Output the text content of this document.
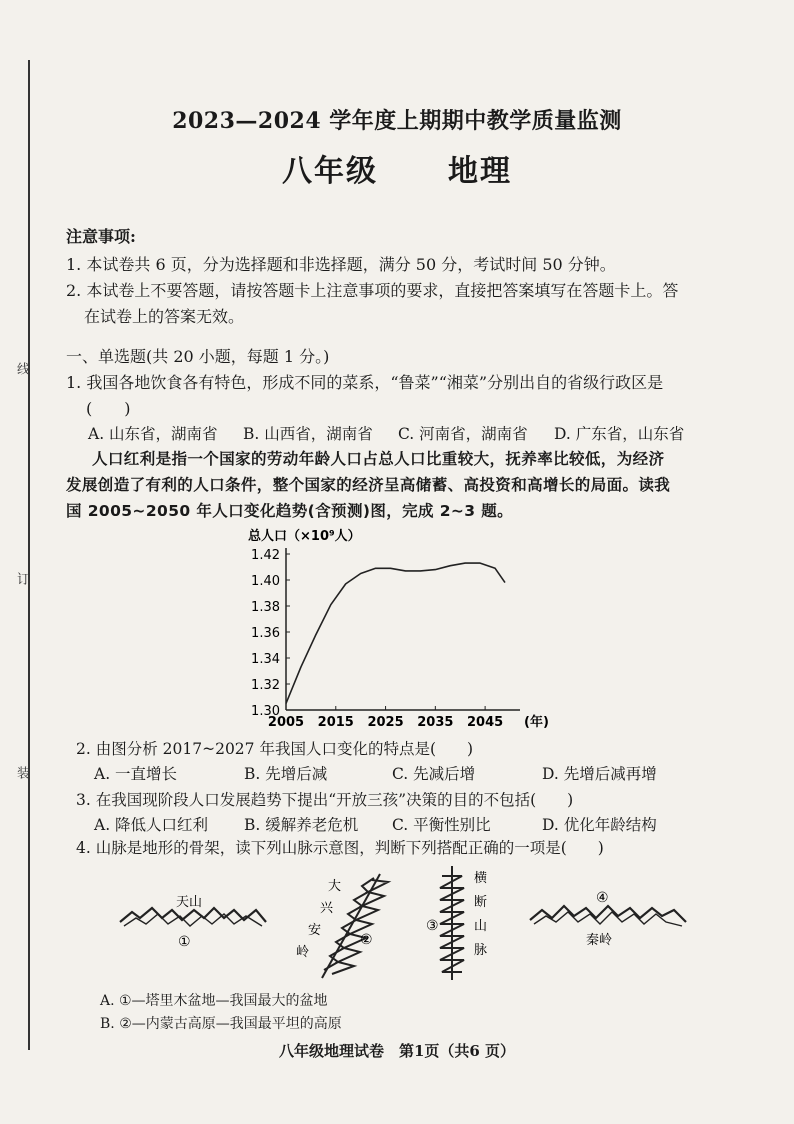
线
订
装
2023—2024 学年度上期期中教学质量监测
八年级 地理
注意事项:
1. 本试卷共 6 页，分为选择题和非选择题，满分 50 分，考试时间 50 分钟。
2. 本试卷上不要答题，请按答题卡上注意事项的要求，直接把答案填写在答题卡上。答
在试卷上的答案无效。
一、单选题(共 20 小题，每题 1 分。)
1. 我国各地饮食各有特色，形成不同的菜系，“鲁菜”“湘菜”分别出自的省级行政区是
(　　)
A. 山东省，湖南省 B. 山西省，湖南省 C. 河南省，湖南省 D. 广东省，山东省
人口红利是指一个国家的劳动年龄人口占总人口比重较大，抚养率比较低，为经济
发展创造了有利的人口条件，整个国家的经济呈高储蓄、高投资和高增长的局面。读我
国 2005~2050 年人口变化趋势(含预测)图，完成 2~3 题。
1.30
1.32
1.34
1.36
1.38
1.40
1.42
2005 2015 2025 2035 2045
总人口（×10⁹人）
(年)
2. 由图分析 2017~2027 年我国人口变化的特点是(　　)
A. 一直增长	B. 先增后减	C. 先减后增	D. 先增后减再增
3. 在我国现阶段人口发展趋势下提出“开放三孩”决策的目的不包括(　　)
A. 降低人口红利 B. 缓解养老危机 C. 平衡性别比	D. 优化年龄结构
4. 山脉是地形的骨架，读下列山脉示意图，判断下列搭配正确的一项是(　　)
天山
①
大
兴
安
岭
②
③
横
断
山
脉
④
秦岭
A. ①—塔里木盆地—我国最大的盆地
B. ②—内蒙古高原—我国最平坦的高原
八年级地理试卷　第1页（共6 页）
